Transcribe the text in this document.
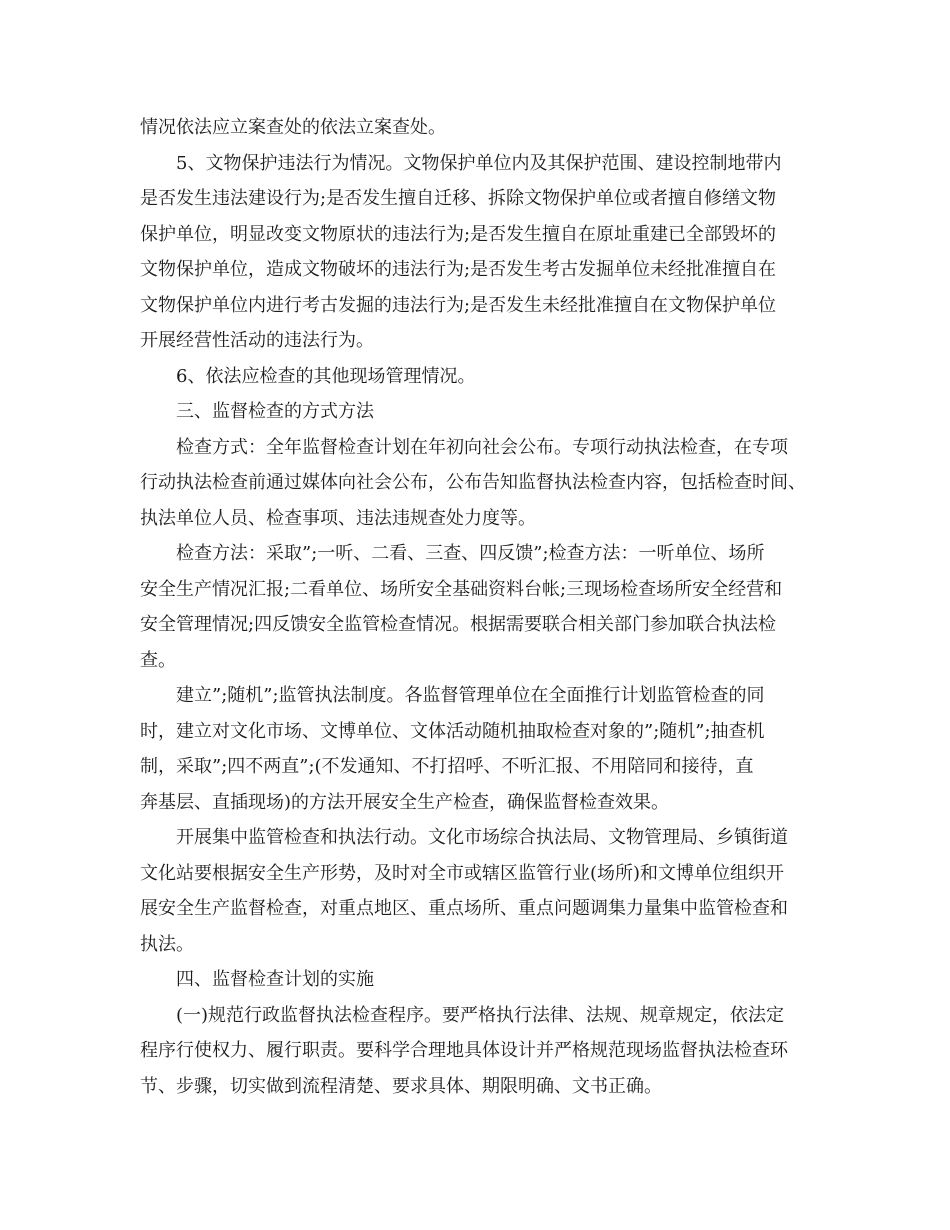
情况依法应立案查处的依法立案查处。
5、文物保护违法行为情况。文物保护单位内及其保护范围、建设控制地带内
是否发生违法建设行为;是否发生擅自迁移、拆除文物保护单位或者擅自修缮文物
保护单位，明显改变文物原状的违法行为;是否发生擅自在原址重建已全部毁坏的
文物保护单位，造成文物破坏的违法行为;是否发生考古发掘单位未经批准擅自在
文物保护单位内进行考古发掘的违法行为;是否发生未经批准擅自在文物保护单位
开展经营性活动的违法行为。
6、依法应检查的其他现场管理情况。
三、监督检查的方式方法
检查方式：全年监督检查计划在年初向社会公布。专项行动执法检查，在专项
行动执法检查前通过媒体向社会公布，公布告知监督执法检查内容，包括检查时间、
执法单位人员、检查事项、违法违规查处力度等。
检查方法：采取”;一听、二看、三查、四反馈”;检查方法：一听单位、场所
安全生产情况汇报;二看单位、场所安全基础资料台帐;三现场检查场所安全经营和
安全管理情况;四反馈安全监管检查情况。根据需要联合相关部门参加联合执法检
查。
建立”;随机”;监管执法制度。各监督管理单位在全面推行计划监管检查的同
时，建立对文化市场、文博单位、文体活动随机抽取检查对象的”;随机”;抽查机
制，采取”;四不两直”;(不发通知、不打招呼、不听汇报、不用陪同和接待，直
奔基层、直插现场)的方法开展安全生产检查，确保监督检查效果。
开展集中监管检查和执法行动。文化市场综合执法局、文物管理局、乡镇街道
文化站要根据安全生产形势，及时对全市或辖区监管行业(场所)和文博单位组织开
展安全生产监督检查，对重点地区、重点场所、重点问题调集力量集中监管检查和
执法。
四、监督检查计划的实施
(一)规范行政监督执法检查程序。要严格执行法律、法规、规章规定，依法定
程序行使权力、履行职责。要科学合理地具体设计并严格规范现场监督执法检查环
节、步骤，切实做到流程清楚、要求具体、期限明确、文书正确。
